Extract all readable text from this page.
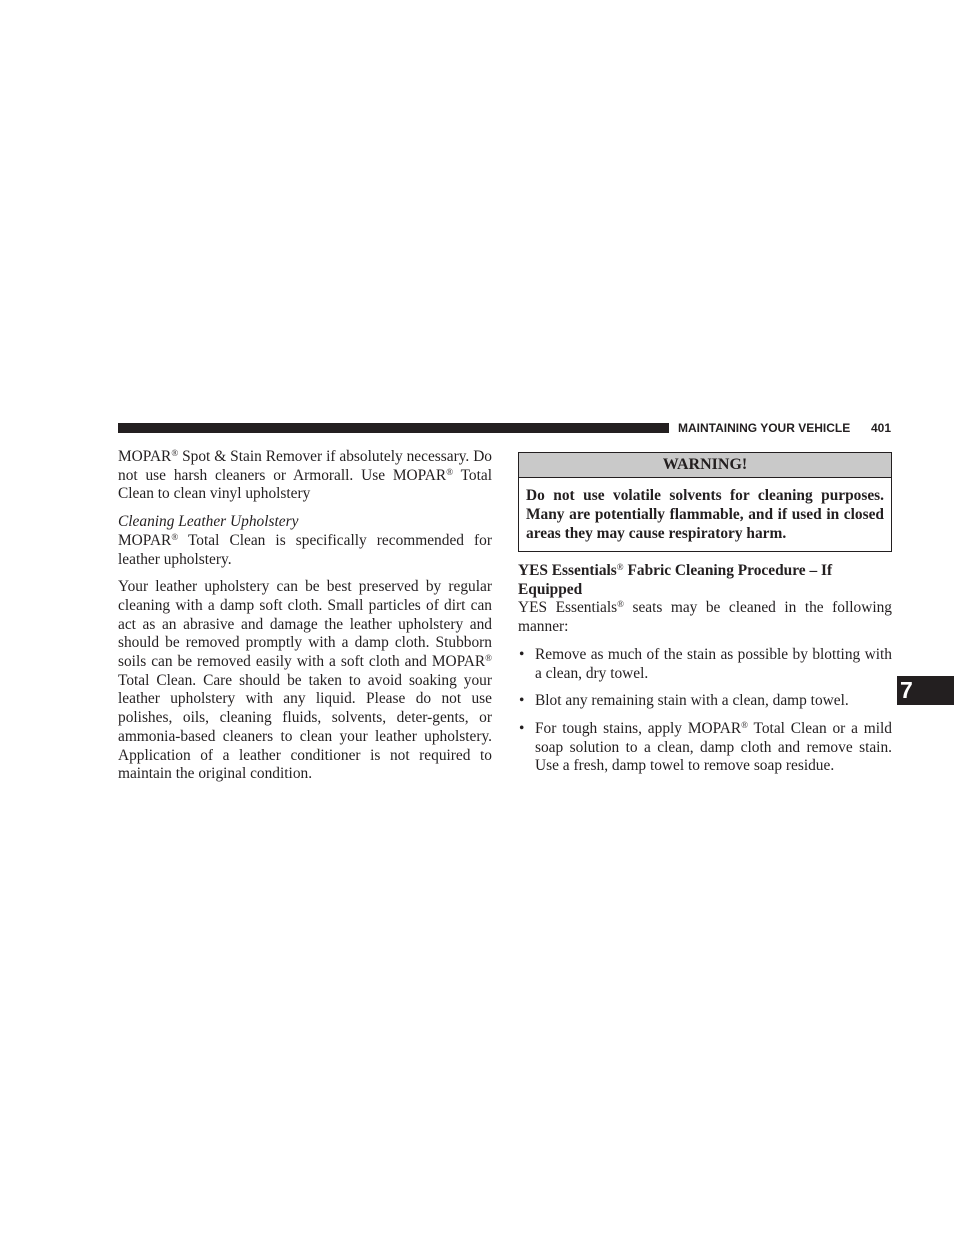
MAINTAINING YOUR VEHICLE 401

MOPAR® Spot & Stain Remover if absolutely necessary. Do not use harsh cleaners or Armorall. Use MOPAR® Total Clean to clean vinyl upholstery

Cleaning Leather Upholstery

MOPAR® Total Clean is specifically recommended for leather upholstery.

Your leather upholstery can be best preserved by regular cleaning with a damp soft cloth. Small particles of dirt can act as an abrasive and damage the leather upholstery and should be removed promptly with a damp cloth. Stubborn soils can be removed easily with a soft cloth and MOPAR® Total Clean. Care should be taken to avoid soaking your leather upholstery with any liquid. Please do not use polishes, oils, cleaning fluids, solvents, deter-gents, or ammonia-based cleaners to clean your leather upholstery. Application of a leather conditioner is not required to maintain the original condition.

WARNING!
Do not use volatile solvents for cleaning purposes. Many are potentially flammable, and if used in closed areas they may cause respiratory harm.

YES Essentials® Fabric Cleaning Procedure – If Equipped

YES Essentials® seats may be cleaned in the following manner:

• Remove as much of the stain as possible by blotting with a clean, dry towel.
• Blot any remaining stain with a clean, damp towel.
• For tough stains, apply MOPAR® Total Clean or a mild soap solution to a clean, damp cloth and remove stain. Use a fresh, damp towel to remove soap residue.
7
